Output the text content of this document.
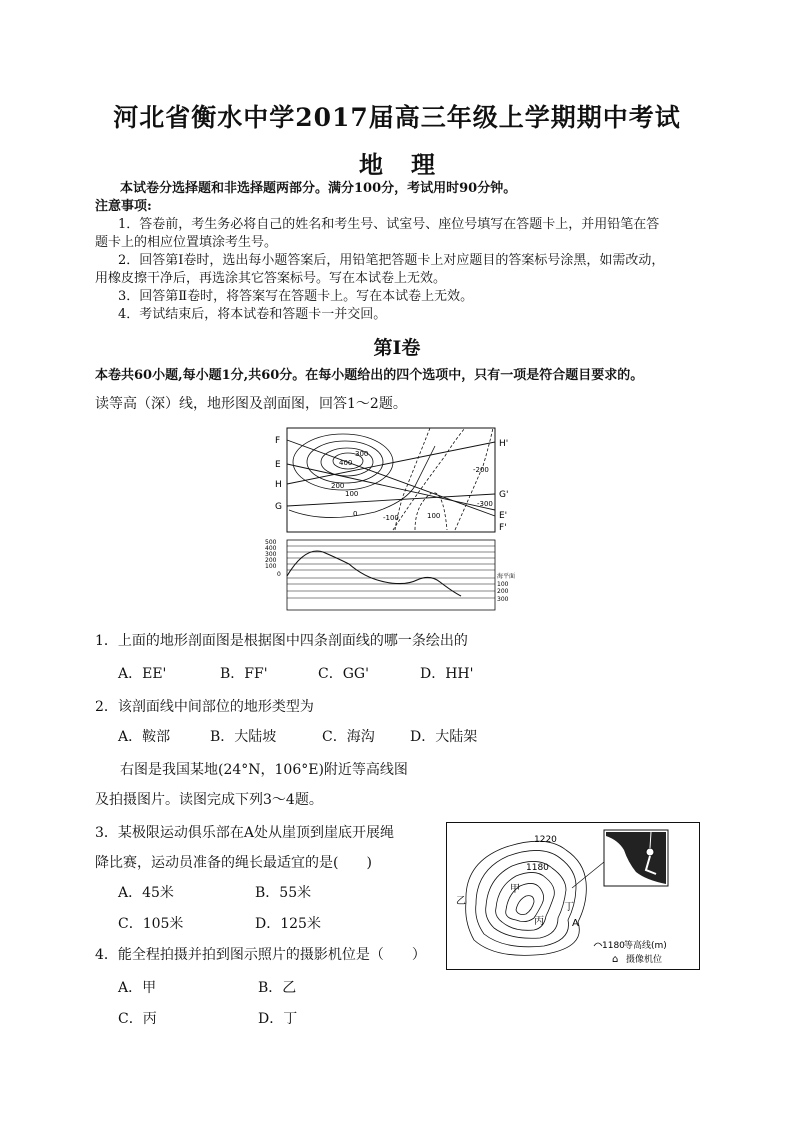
河北省衡水中学2017届高三年级上学期期中考试
地 理
本试卷分选择题和非选择题两部分。满分100分，考试用时90分钟。
注意事项:
1．答卷前，考生务必将自己的姓名和考生号、试室号、座位号填写在答题卡上，并用铅笔在答
题卡上的相应位置填涂考生号。
2．回答第Ⅰ卷时，选出每小题答案后，用铅笔把答题卡上对应题目的答案标号涂黑，如需改动，
用橡皮擦干净后，再选涂其它答案标号。写在本试卷上无效。
3．回答第Ⅱ卷时，将答案写在答题卡上。写在本试卷上无效。
4．考试结束后，将本试卷和答题卡一并交回。
第Ⅰ卷
本卷共60小题,每小题1分,共60分。在每小题给出的四个选项中，只有一项是符合题目要求的。
读等高（深）线，地形图及剖面图，回答1～2题。
F
E
H
G
H'
G'
E'
F'
400
300
200
100
0	-100	100
-200
-300
500
400
300
200
100
0	海平面
100
200
300
1．上面的地形剖面图是根据图中四条剖面线的哪一条绘出的
A．EE'	B．FF'	C．GG'	D．HH'
2．该剖面线中间部位的地形类型为
A．鞍部	B．大陆坡	C．海沟	D．大陆架
右图是我国某地(24°N，106°E)附近等高线图
及拍摄图片。读图完成下列3～4题。
3．某极限运动俱乐部在A处从崖顶到崖底开展绳
降比赛，运动员准备的绳长最适宜的是(　　)
A．45米	B．55米
C．105米	D．125米
4．能全程拍摄并拍到图示照片的摄影机位是（　　）
A．甲	B．乙
C．丙	D．丁
1220
1180
甲
乙
丙
丁
A
1180 等高线(m)
⌂ 摄像机位
